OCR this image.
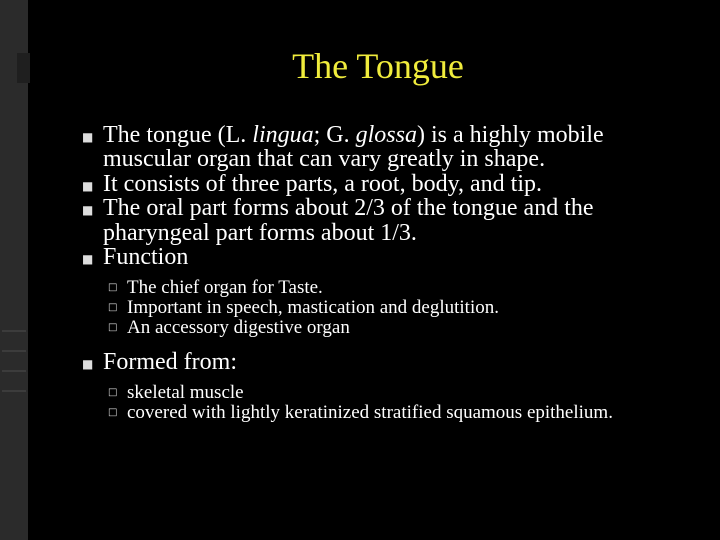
The Tongue
■ The tongue (L. lingua; G. glossa) is a highly mobile muscular organ that can vary greatly in shape.
■ It consists of three parts, a root, body, and tip.
■ The oral part forms about 2/3 of the tongue and the pharyngeal part forms about 1/3.
■ Function
□ The chief organ for Taste.
□ Important in speech, mastication and deglutition.
□ An accessory digestive organ
■ Formed from:
□ skeletal muscle
□ covered with lightly keratinized stratified squamous epithelium.
